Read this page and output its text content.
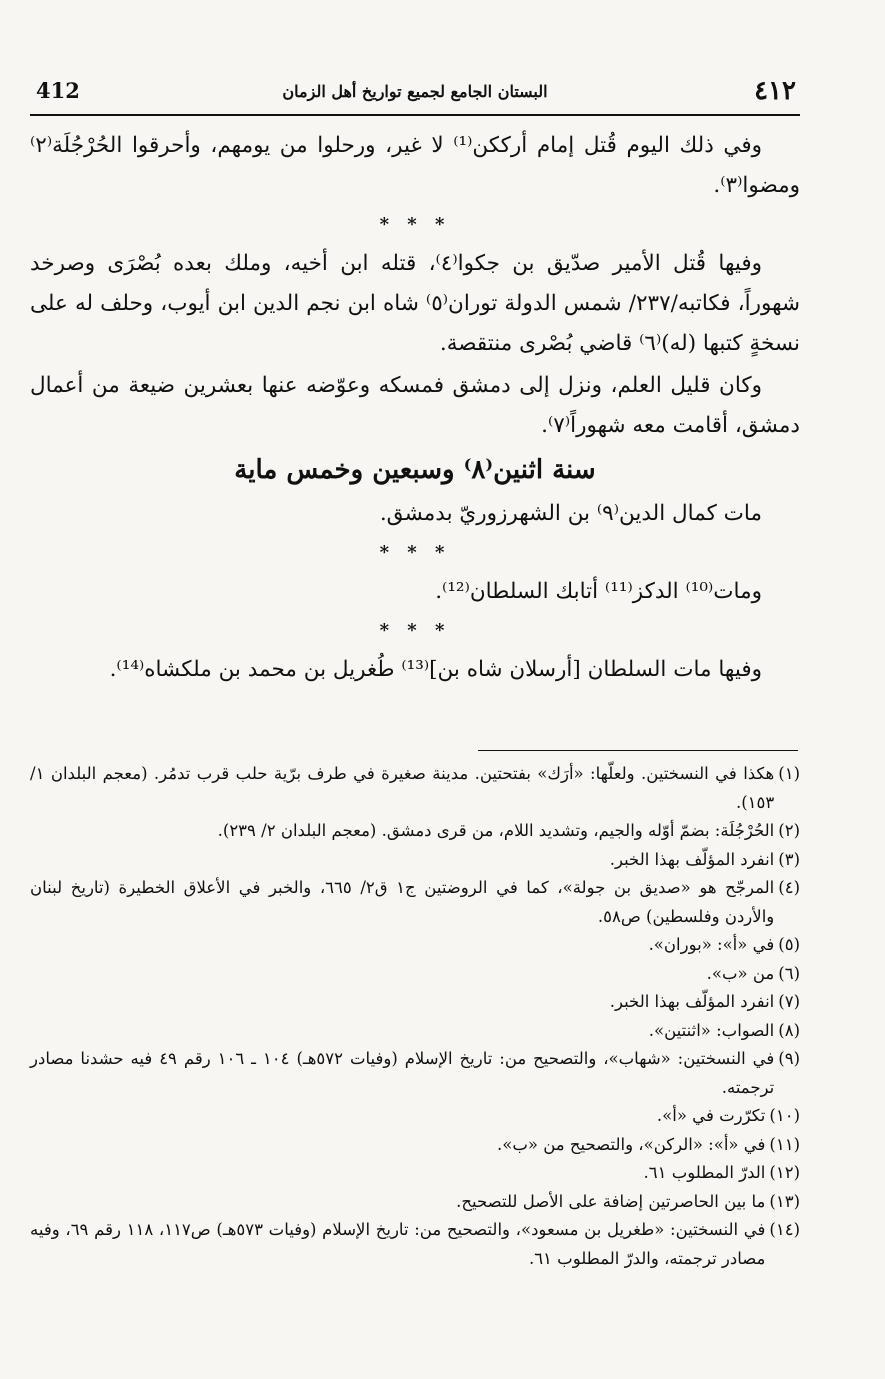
412	البستان الجامع لجميع تواريخ أهل الزمان	٤١٢

وفي ذلك اليوم قُتل إمام أرككن⁽¹⁾ لا غير، ورحلوا من يومهم، وأحرقوا الحُرْجُلَة⁽٢⁾ ومضوا⁽٣⁾.

* * *

وفيها قُتل الأمير صدّيق بن جكوا⁽٤⁾، قتله ابن أخيه، وملك بعده بُصْرَى وصرخد شهوراً، فكاتبه/٢٣٧/ شمس الدولة توران⁽٥⁾ شاه ابن نجم الدين ابن أيوب، وحلف له على نسخةٍ كتبها (له)⁽٦⁾ قاضي بُصْرى منتقصة.

وكان قليل العلم، ونزل إلى دمشق فمسكه وعوّضه عنها بعشرين ضيعة من أعمال دمشق، أقامت معه شهوراً⁽٧⁾.

سنة اثنين⁽٨⁾ وسبعين وخمس ماية

مات كمال الدين⁽٩⁾ بن الشهرزوريّ بدمشق.

* * *

ومات⁽¹⁰⁾ الدكز⁽¹¹⁾ أتابك السلطان⁽¹²⁾.

* * *

وفيها مات السلطان [أرسلان شاه بن]⁽¹³⁾ طُغريل بن محمد بن ملكشاه⁽¹⁴⁾.

(١)
هكذا في النسختين. ولعلّها: «أرَك» بفتحتين. مدينة صغيرة في طرف برّية حلب قرب تدمُر. (معجم البلدان ١/ ١٥٣).
(٢)
الحُرْجُلَة: بضمّ أوّله والجيم، وتشديد اللام، من قرى دمشق. (معجم البلدان ٢/ ٢٣٩).
(٣)
انفرد المؤلّف بهذا الخبر.
(٤)
المرجّح هو «صديق بن جولة»، كما في الروضتين ج١ ق٢/ ٦٦٥، والخبر في الأعلاق الخطيرة (تاريخ لبنان والأردن وفلسطين) ص٥٨.
(٥)
في «أ»: «بوران».
(٦)
من «ب».
(٧)
انفرد المؤلّف بهذا الخبر.
(٨)
الصواب: «اثنتين».
(٩)
في النسختين: «شهاب»، والتصحيح من: تاريخ الإسلام (وفيات ٥٧٢هـ) ١٠٤ ـ ١٠٦ رقم ٤٩ فيه حشدنا مصادر ترجمته.
(١٠)
تكرّرت في «أ».
(١١)
في «أ»: «الركن»، والتصحيح من «ب».
(١٢)
الدرّ المطلوب ٦١.
(١٣)
ما بين الحاصرتين إضافة على الأصل للتصحيح.
(١٤)
في النسختين: «طغريل بن مسعود»، والتصحيح من: تاريخ الإسلام (وفيات ٥٧٣هـ) ص١١٧، ١١٨ رقم ٦٩، وفيه مصادر ترجمته، والدرّ المطلوب ٦١.
